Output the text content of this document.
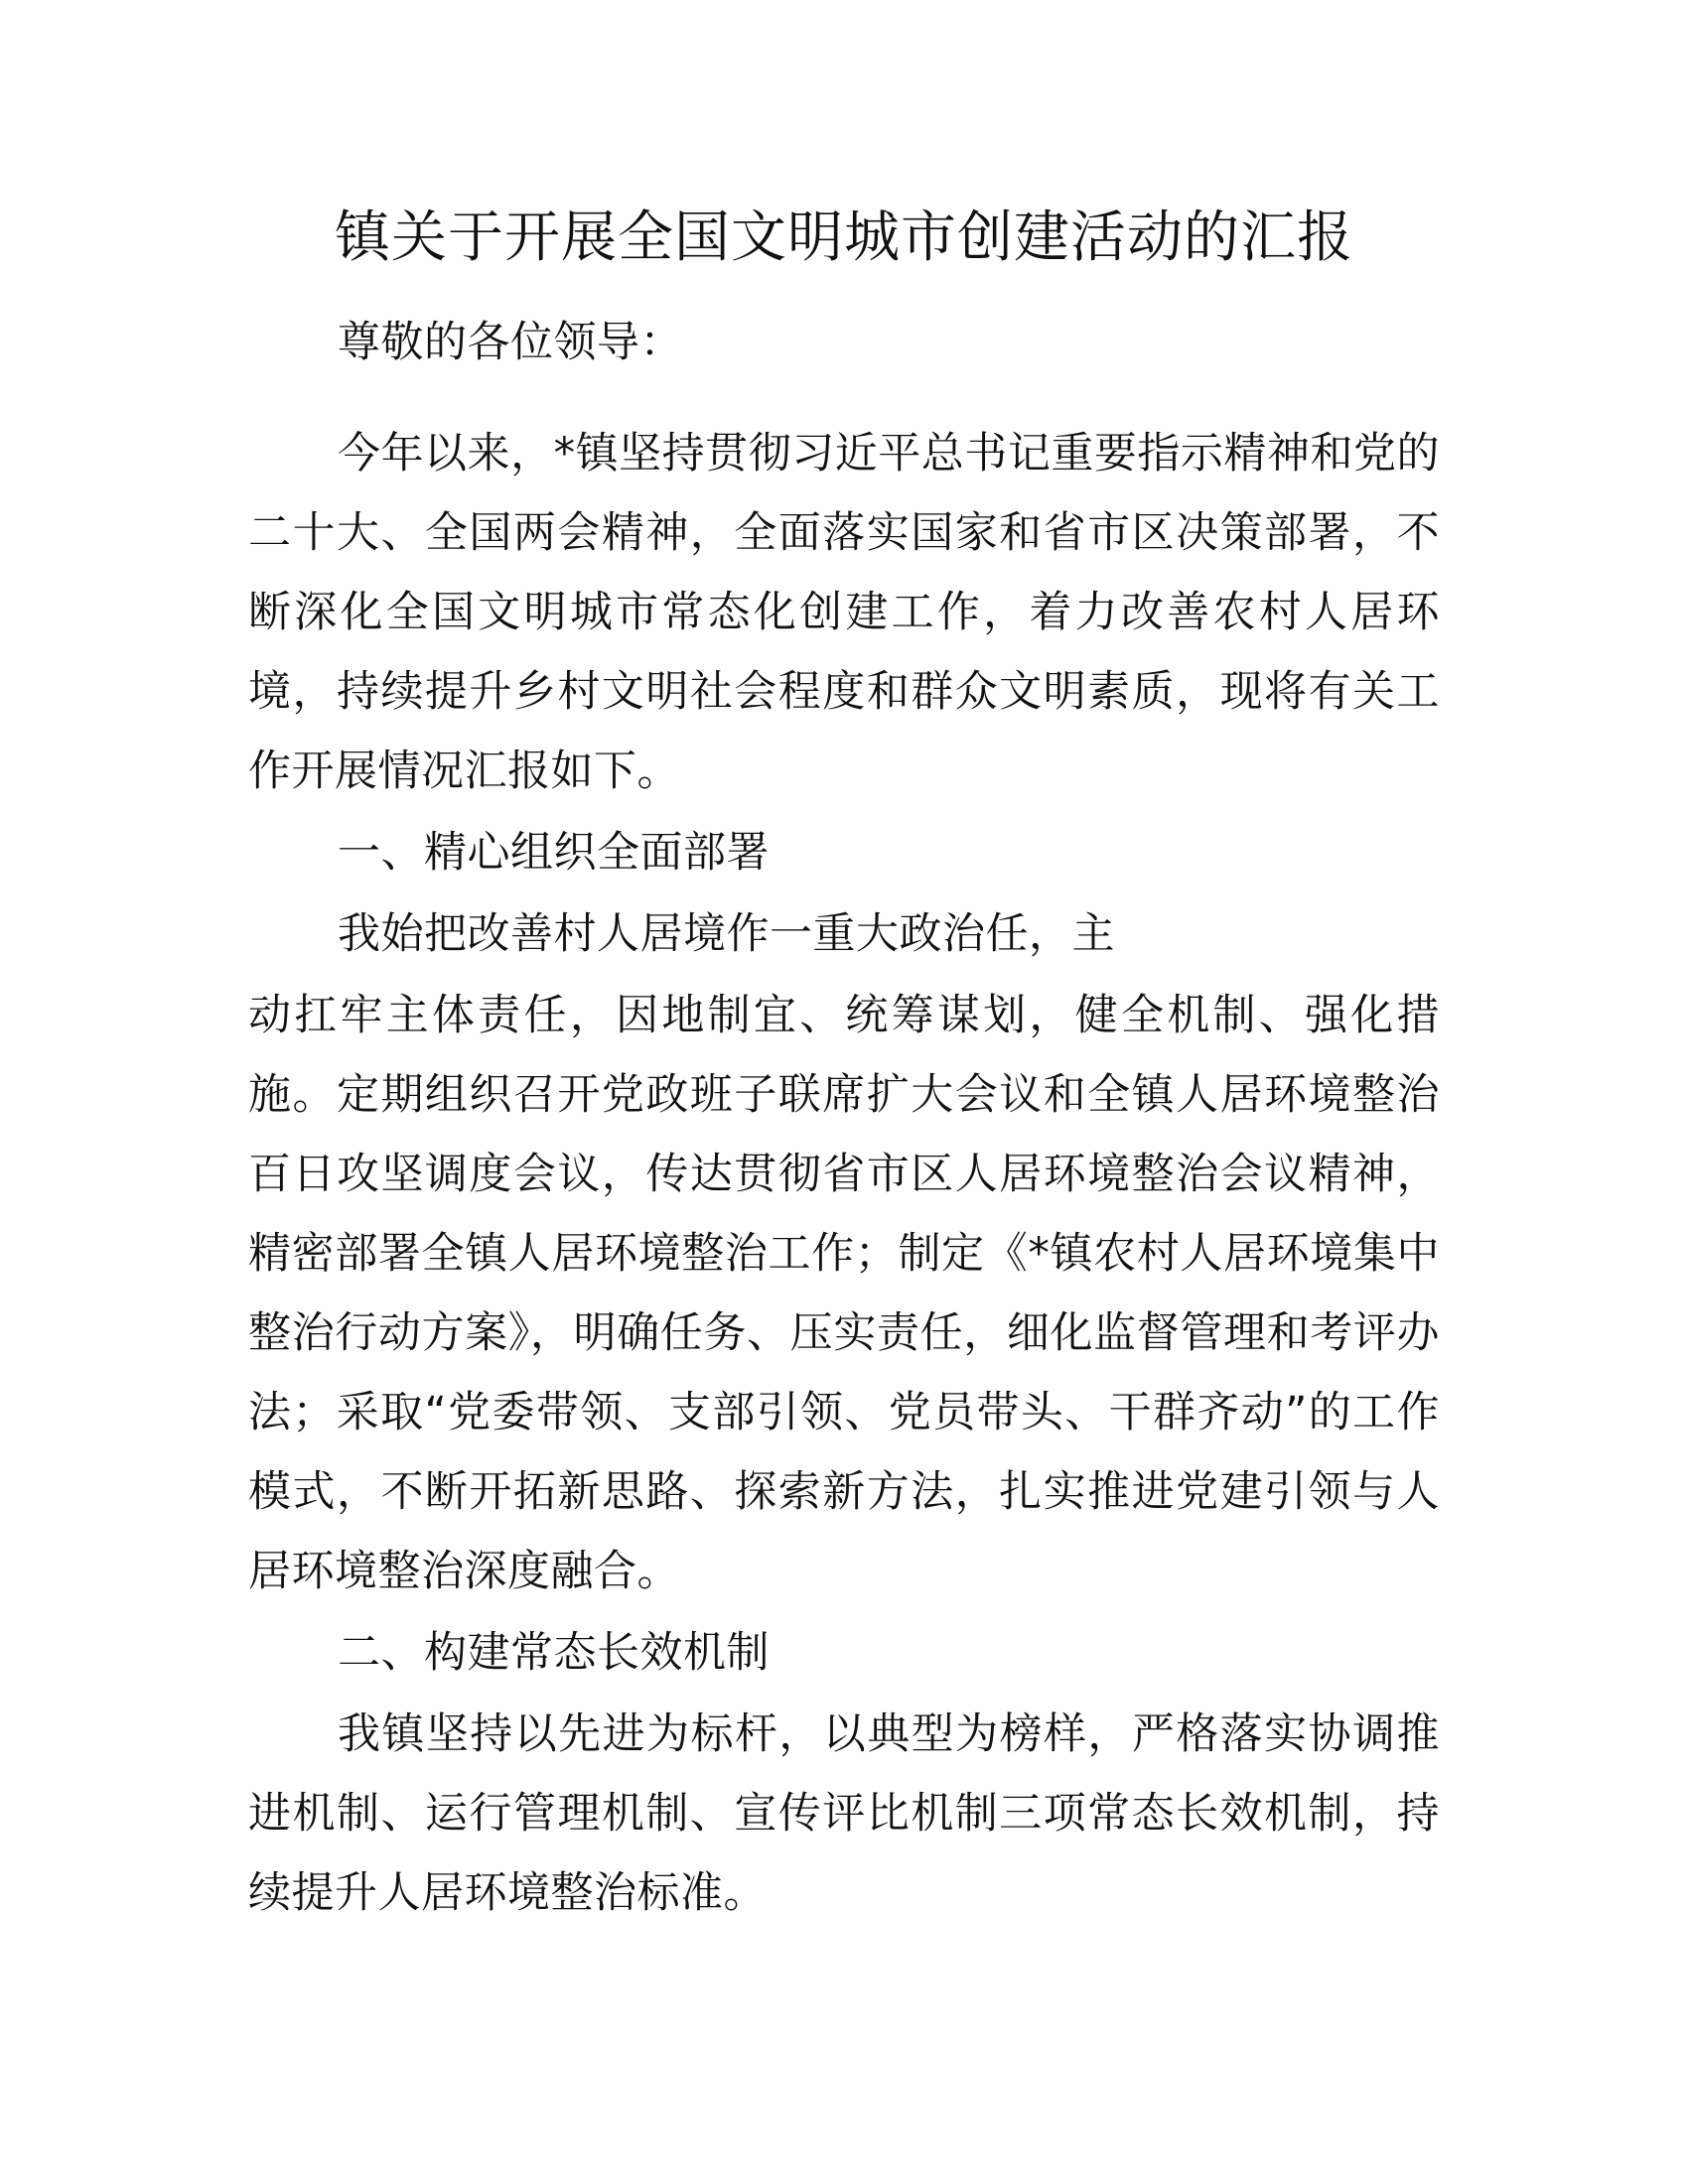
镇关于开展全国文明城市创建活动的汇报

尊敬的各位领导：

今年以来，*镇坚持贯彻习近平总书记重要指示精神和党的二十大、全国两会精神，全面落实国家和省市区决策部署，不断深化全国文明城市常态化创建工作，着力改善农村人居环境，持续提升乡村文明社会程度和群众文明素质，现将有关工作开展情况汇报如下。

一、精心组织全面部署

我始把改善村人居境作一重大政治任，主

动扛牢主体责任，因地制宜、统筹谋划，健全机制、强化措施。定期组织召开党政班子联席扩大会议和全镇人居环境整治百日攻坚调度会议，传达贯彻省市区人居环境整治会议精神，精密部署全镇人居环境整治工作；制定《*镇农村人居环境集中整治行动方案》，明确任务、压实责任，细化监督管理和考评办法；采取“党委带领、支部引领、党员带头、干群齐动”的工作模式，不断开拓新思路、探索新方法，扎实推进党建引领与人居环境整治深度融合。

二、构建常态长效机制

我镇坚持以先进为标杆，以典型为榜样，严格落实协调推进机制、运行管理机制、宣传评比机制三项常态长效机制，持续提升人居环境整治标准。
